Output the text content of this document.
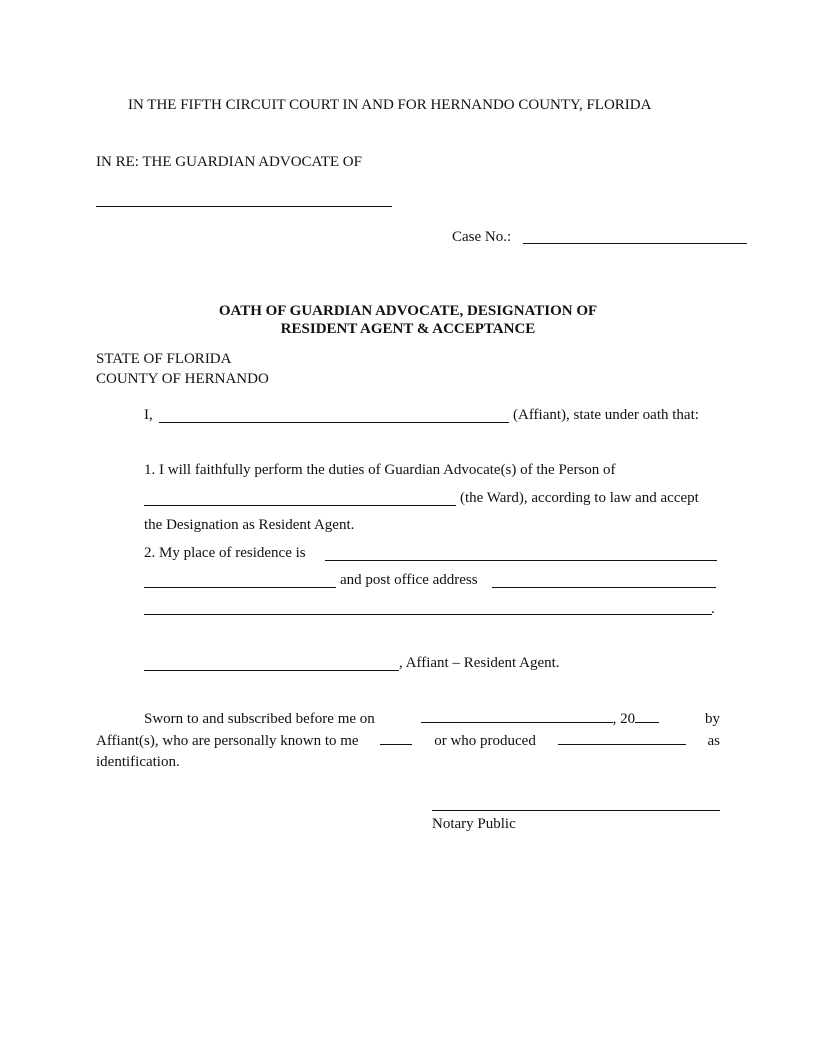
IN THE FIFTH CIRCUIT COURT IN AND FOR HERNANDO COUNTY, FLORIDA
IN RE: THE GUARDIAN ADVOCATE OF
Case No.:
OATH OF GUARDIAN ADVOCATE, DESIGNATION OF
RESIDENT AGENT & ACCEPTANCE
STATE OF FLORIDA
COUNTY OF HERNANDO
I,	(Affiant), state under oath that:
1. I will faithfully perform the duties of Guardian Advocate(s) of the Person of
(the Ward), according to law and accept
the Designation as Resident Agent.
2. My place of residence is
and post office address
.
, Affiant – Resident Agent.
Sworn to and subscribed before me on	, 20	by
Affiant(s), who are personally known to me	or who produced	as
identification.
Notary Public
